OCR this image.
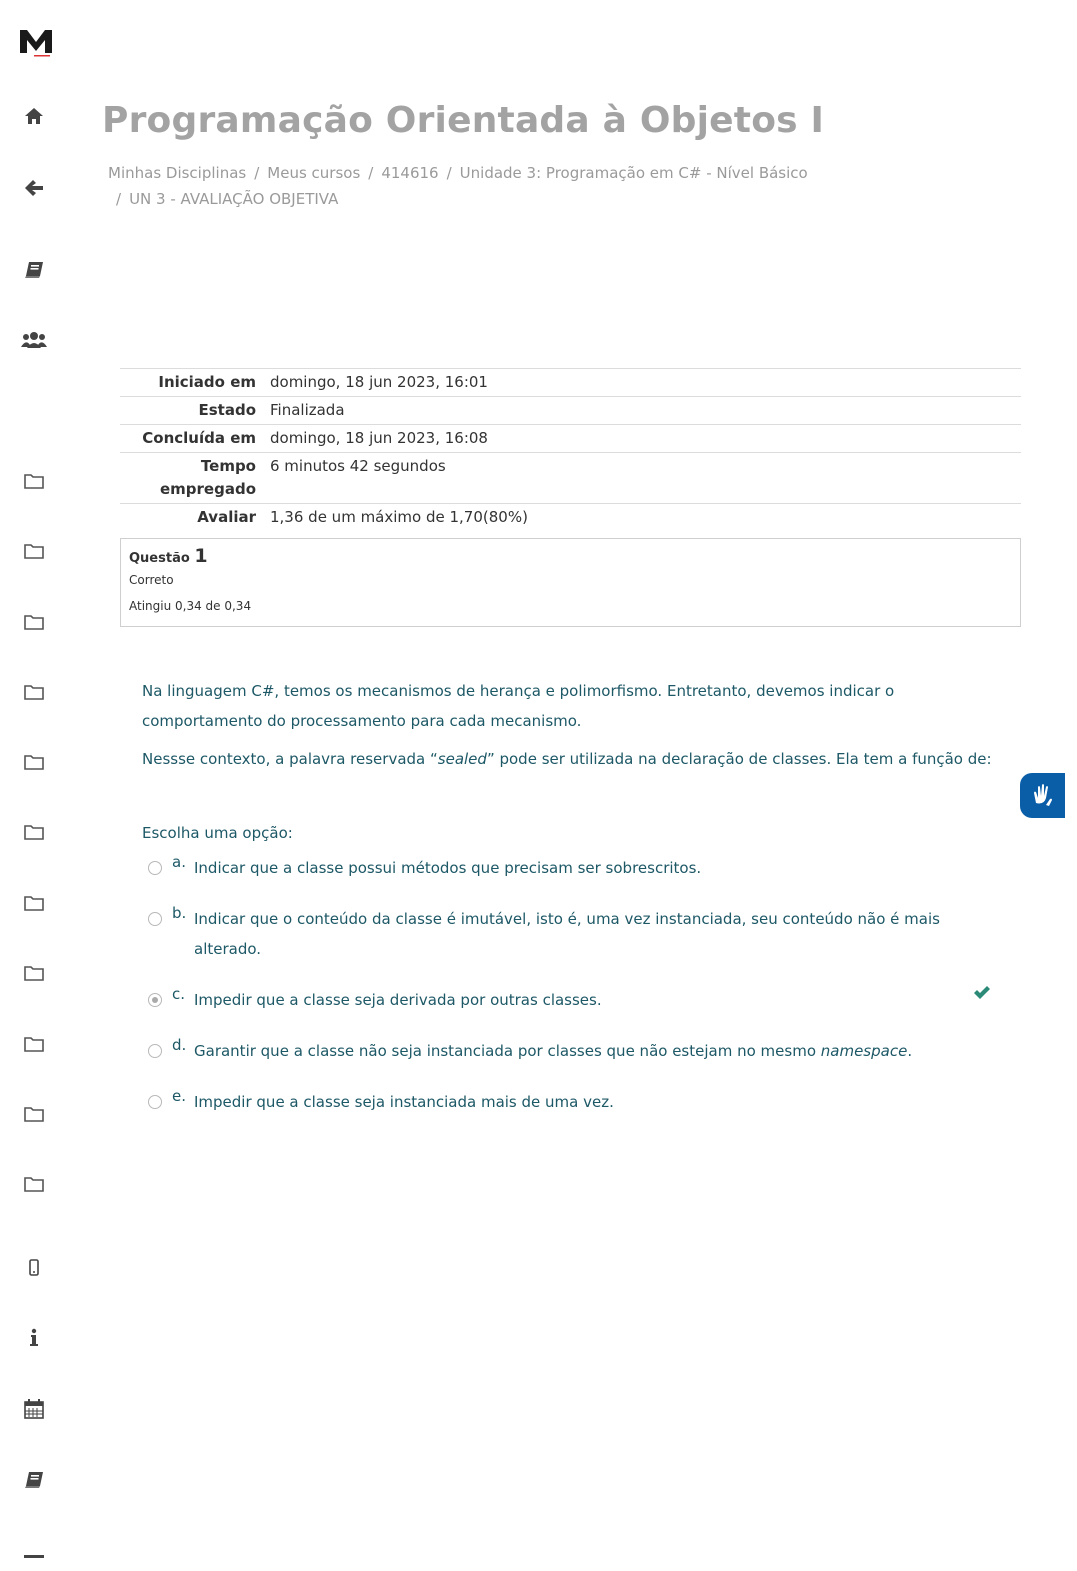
Programação Orientada à Objetos I
Minhas Disciplinas / Meus cursos / 414616 / Unidade 3: Programação em C# - Nível Básico
/ UN 3 - AVALIAÇÃO OBJETIVA
Iniciado em	domingo, 18 jun 2023, 16:01
Estado	Finalizada
Concluída em	domingo, 18 jun 2023, 16:08
Tempo empregado	6 minutos 42 segundos
Avaliar	1,36 de um máximo de 1,70(80%)
Questão 1
Correto
Atingiu 0,34 de 0,34

Na linguagem C#, temos os mecanismos de herança e polimorfismo. Entretanto, devemos indicar o comportamento do processamento para cada mecanismo.

Nessse contexto, a palavra reservada “sealed” pode ser utilizada na declaração de classes. Ela tem a função de:

Escolha uma opção:
a. Indicar que a classe possui métodos que precisam ser sobrescritos.
b. Indicar que o conteúdo da classe é imutável, isto é, uma vez instanciada, seu conteúdo não é mais alterado.
c. Impedir que a classe seja derivada por outras classes.
d. Garantir que a classe não seja instanciada por classes que não estejam no mesmo namespace.
e. Impedir que a classe seja instanciada mais de uma vez.
